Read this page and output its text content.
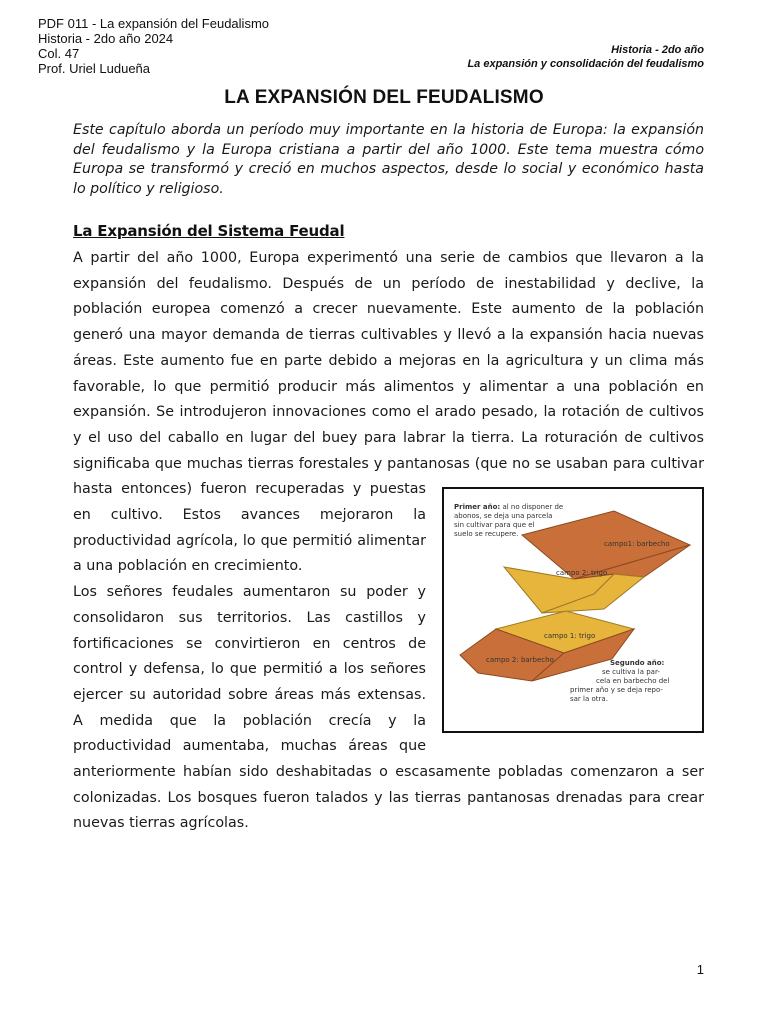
PDF 011 - La expansión del Feudalismo
Historia - 2do año 2024
Col. 47
Prof. Uriel Ludueña
Historia - 2do año
La expansión y consolidación del feudalismo
LA EXPANSIÓN DEL FEUDALISMO
Este capítulo aborda un período muy importante en la historia de Europa: la expansión del feudalismo y la Europa cristiana a partir del año 1000. Este tema muestra cómo Europa se transformó y creció en muchos aspectos, desde lo social y económico hasta lo político y religioso.
La Expansión del Sistema Feudal
Primer año: al no disponer de
abonos, se deja una parcela
sin cultivar para que el
suelo se recupere.
campo1: barbecho
campo 2: trigo
campo 1: trigo
campo 2: barbecho	Segundo año:
se cultiva la par-
cela en barbecho del
primer año y se deja repo-
sar la otra.

A partir del año 1000, Europa experimentó una serie de cambios que llevaron a la expansión del feudalismo. Después de un período de inestabilidad y declive, la población europea comenzó a crecer nuevamente. Este aumento de la población generó una mayor demanda de tierras cultivables y llevó a la expansión hacia nuevas áreas. Este aumento fue en parte debido a mejoras en la agricultura y un clima más favorable, lo que permitió producir más alimentos y alimentar a una población en expansión. Se introdujeron innovaciones como el arado pesado, la rotación de cultivos y el uso del caballo en lugar del buey para labrar la tierra. La roturación de cultivos significaba que muchas tierras forestales y pantanosas (que no se usaban para cultivar hasta entonces) fueron recuperadas y puestas en cultivo. Estos avances mejoraron la productividad agrícola, lo que permitió alimentar a una población en crecimiento.

Los señores feudales aumentaron su poder y consolidaron sus territorios. Las castillos y fortificaciones se convirtieron en centros de control y defensa, lo que permitió a los señores ejercer su autoridad sobre áreas más extensas. A medida que la población crecía y la productividad aumentaba, muchas áreas que anteriormente habían sido deshabitadas o escasamente pobladas comenzaron a ser colonizadas. Los bosques fueron talados y las tierras pantanosas drenadas para crear nuevas tierras agrícolas.

1
